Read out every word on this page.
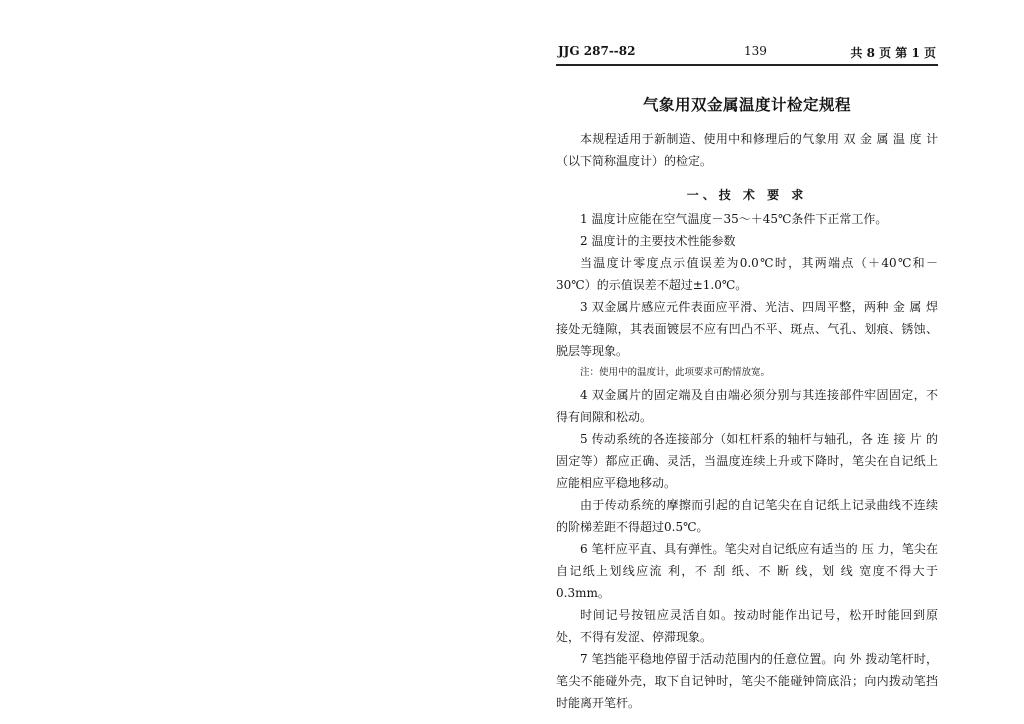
JJG 287--82	139	共 8 页 第 1 页
气象用双金属温度计检定规程

本规程适用于新制造、使用中和修理后的气象用 双 金 属 温 度 计（以下简称温度计）的检定。

1 温度计应能在空气温度－35～＋45℃条件下正常工作。

2 温度计的主要技术性能参数

当温度计零度点示值误差为0.0℃时，其两端点（＋40℃和－30℃）的示值误差不超过±1.0℃。

3 双金属片感应元件表面应平滑、光洁、四周平整，两种 金 属 焊接处无缝隙，其表面镀层不应有凹凸不平、斑点、气孔、划痕、锈蚀、脱层等现象。

注：使用中的温度计，此项要求可酌情放宽。

4 双金属片的固定端及自由端必须分别与其连接部件牢固固定，不得有间隙和松动。

5 传动系统的各连接部分（如杠杆系的轴杆与轴孔，各 连 接 片 的固定等）都应正确、灵活，当温度连续上升或下降时，笔尖在自记纸上应能相应平稳地移动。

由于传动系统的摩擦而引起的自记笔尖在自记纸上记录曲线不连续的阶梯差距不得超过0.5℃。

6 笔杆应平直、具有弹性。笔尖对自记纸应有适当的 压 力，笔尖在自记纸上划线应流 利，不 刮 纸、不 断 线，划 线 宽度不得大于0.3mm。

时间记号按钮应灵活自如。按动时能作出记号，松开时能回到原处，不得有发涩、停滞现象。

7 笔挡能平稳地停留于活动范围内的任意位置。向 外 拨动笔杆时，笔尖不能碰外壳，取下自记钟时，笔尖不能碰钟筒底沿；向内拨动笔挡时能离开笔杆。

一、技 术 要 求
